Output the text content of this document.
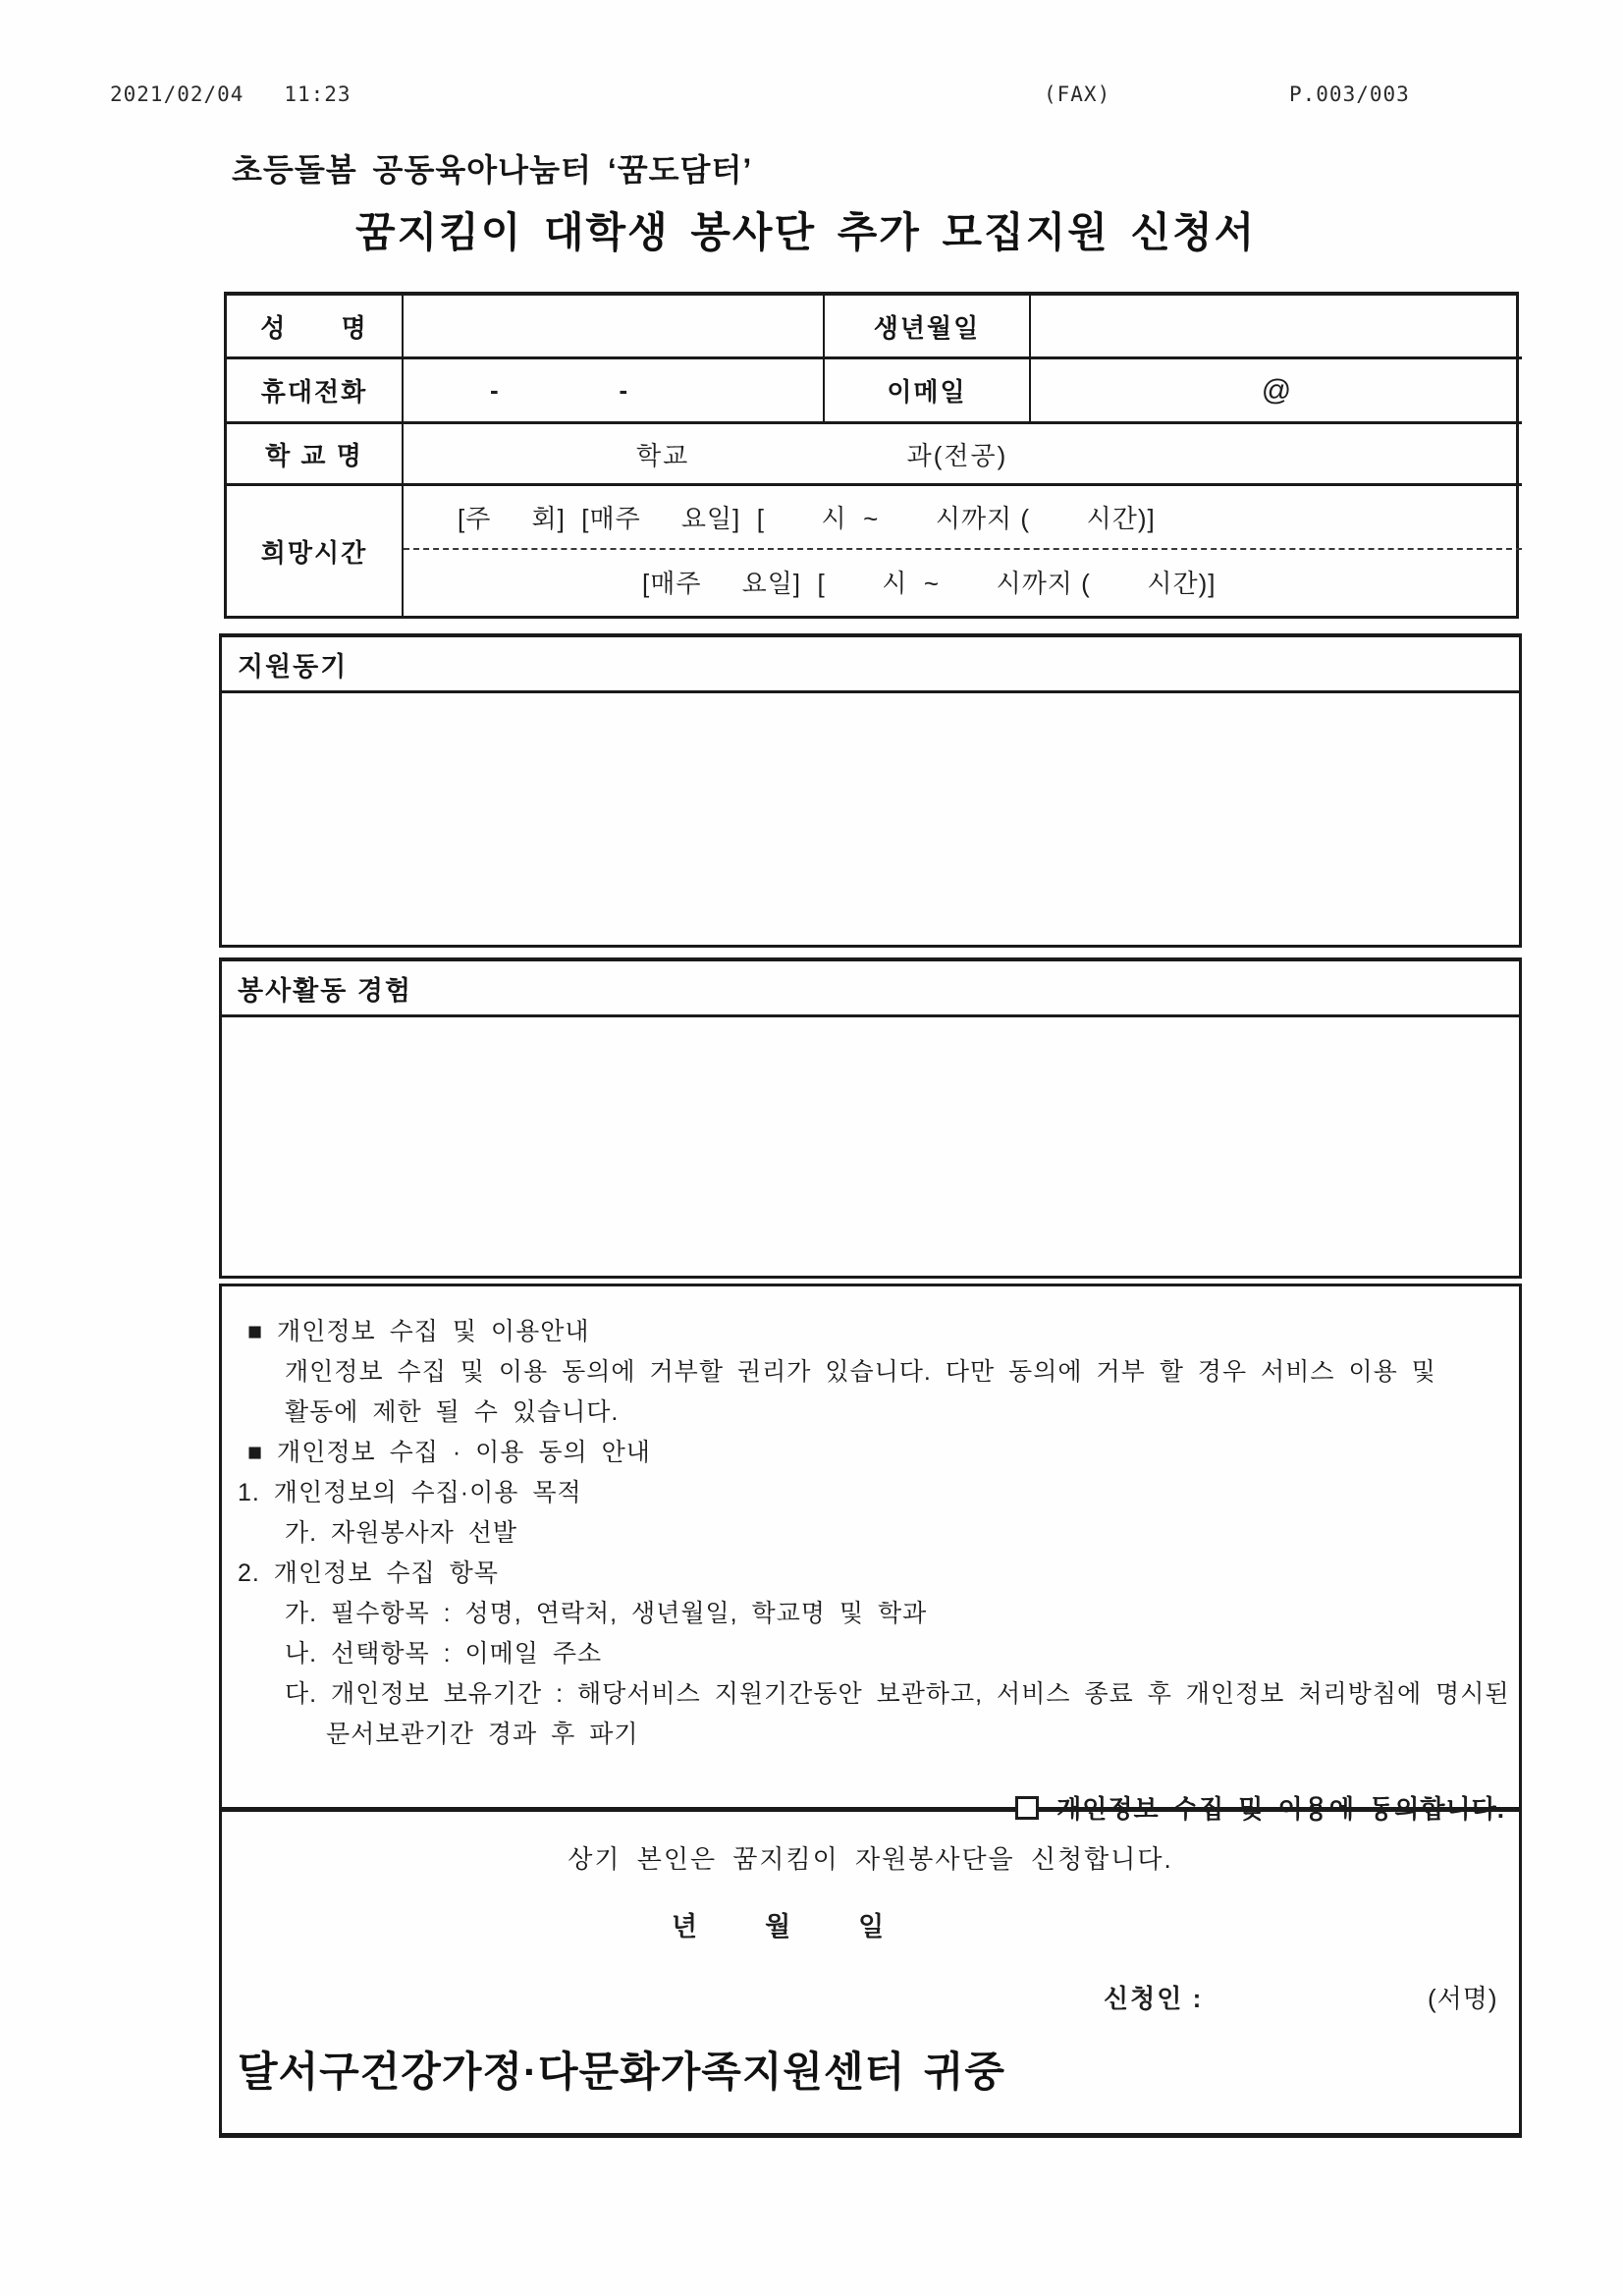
2021/02/04   11:23	(FAX)	P.003/003
초등돌봄 공동육아나눔터 ‘꿈도담터’
꿈지킴이 대학생 봉사단 추가 모집지원 신청서
성      명	생년월일
휴대전화	-                 -	이메일	@
학 교 명	학교                        과(전공)
희망시간
[주     회]  [매주     요일]  [       시  ~       시까지 (       시간)]
[매주     요일]  [       시  ~       시까지 (       시간)]
지원동기
봉사활동 경험
■ 개인정보 수집 및 이용안내
개인정보 수집 및 이용 동의에 거부할 권리가 있습니다. 다만 동의에 거부 할 경우 서비스 이용 및
활동에 제한 될 수 있습니다.
■ 개인정보 수집 · 이용 동의 안내
1. 개인정보의 수집·이용 목적
가. 자원봉사자 선발
2. 개인정보 수집 항목
가. 필수항목 : 성명, 연락처, 생년월일, 학교명 및 학과
나. 선택항목 : 이메일 주소
다. 개인정보 보유기간 : 해당서비스 지원기간동안 보관하고, 서비스 종료 후 개인정보 처리방침에 명시된
문서보관기간 경과 후 파기

개인정보 수집 및 이용에 동의합니다.

상기 본인은 꿈지킴이 자원봉사단을 신청합니다.
년        월        일
신청인 :	(서명)
달서구건강가정·다문화가족지원센터 귀중
